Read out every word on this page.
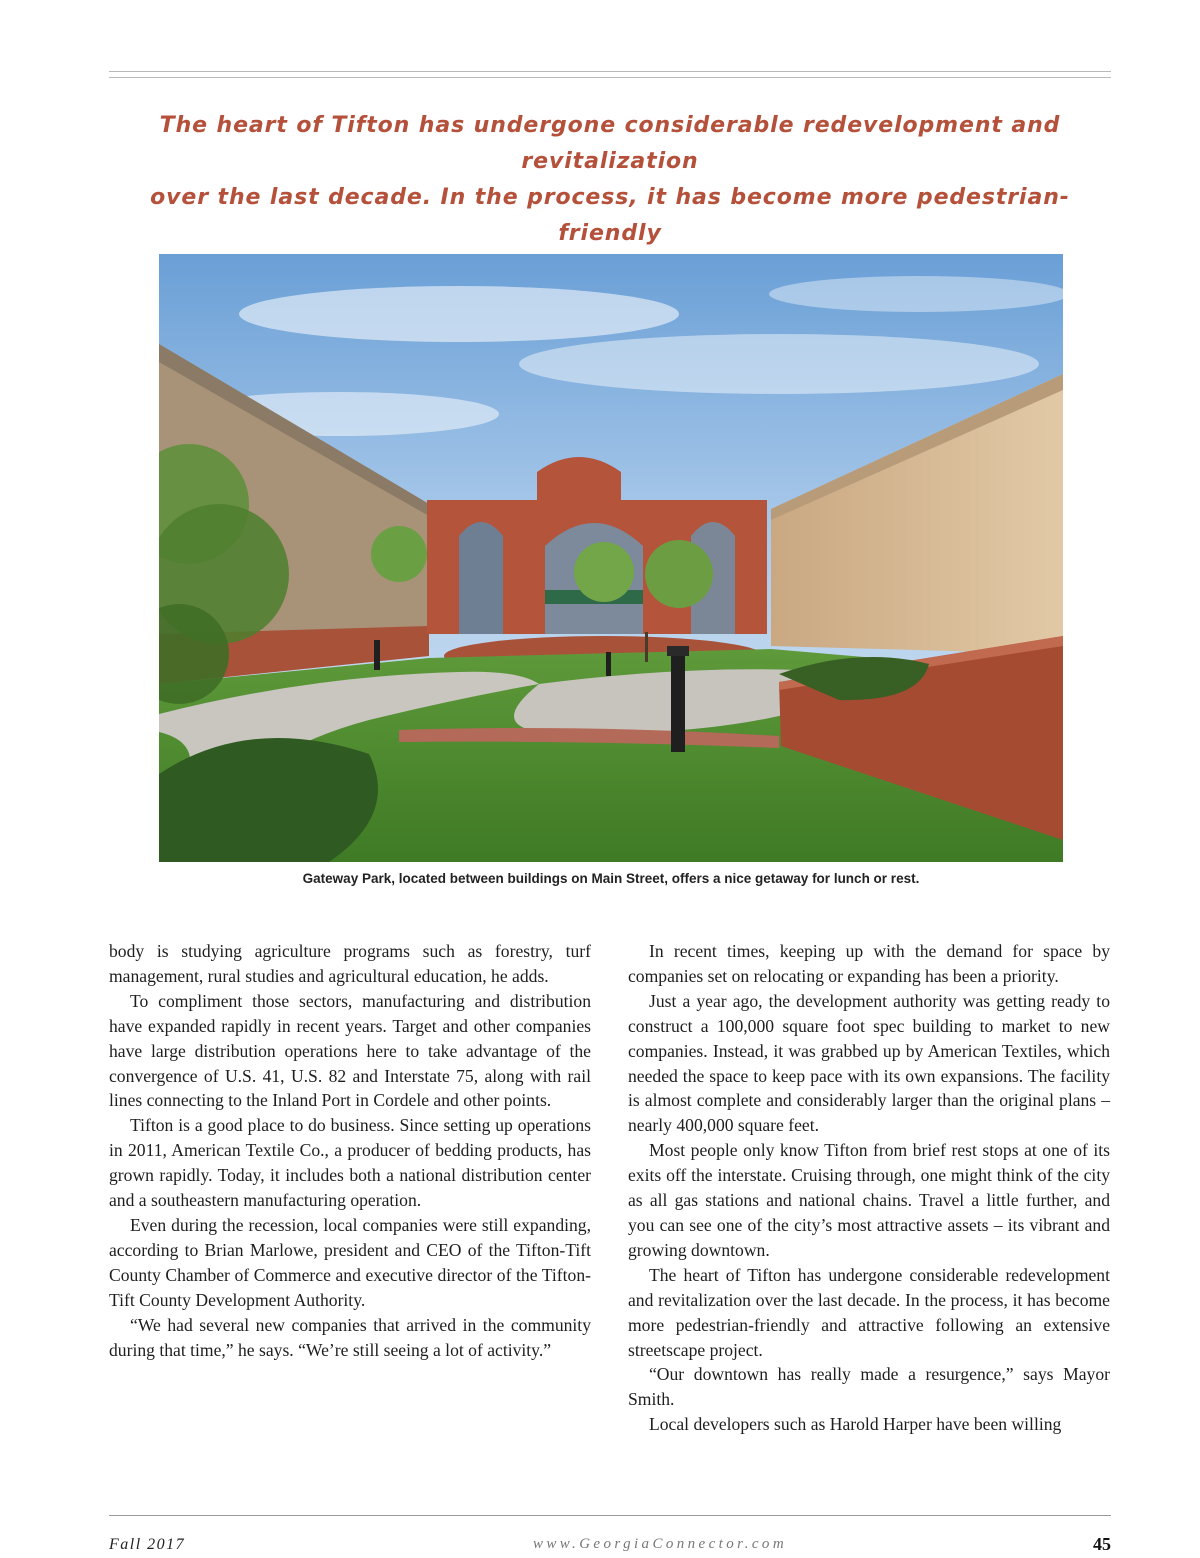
The heart of Tifton has undergone considerable redevelopment and revitalization
over the last decade. In the process, it has become more pedestrian-friendly
Gateway Park, located between buildings on Main Street, offers a nice getaway for lunch or rest.

body is studying agriculture programs such as forestry, turf management, rural studies and agricultural education, he adds.

To compliment those sectors, manufacturing and distribution have expanded rapidly in recent years. Target and other companies have large distribution operations here to take advantage of the convergence of U.S. 41, U.S. 82 and Interstate 75, along with rail lines connecting to the Inland Port in Cordele and other points.

Tifton is a good place to do business. Since setting up operations in 2011, American Textile Co., a producer of bedding products, has grown rapidly. Today, it includes both a national distribution center and a southeastern manufacturing operation.

Even during the recession, local companies were still expanding, according to Brian Marlowe, president and CEO of the Tifton-Tift County Chamber of Commerce and executive director of the Tifton-Tift County Development Authority.

“We had several new companies that arrived in the community during that time,” he says. “We’re still seeing a lot of activity.”

In recent times, keeping up with the demand for space by companies set on relocating or expanding has been a priority.

Just a year ago, the development authority was getting ready to construct a 100,000 square foot spec building to market to new companies. Instead, it was grabbed up by American Textiles, which needed the space to keep pace with its own expansions. The facility is almost complete and considerably larger than the original plans – nearly 400,000 square feet.

Most people only know Tifton from brief rest stops at one of its exits off the interstate. Cruising through, one might think of the city as all gas stations and national chains. Travel a little further, and you can see one of the city’s most attractive assets – its vibrant and growing downtown.

The heart of Tifton has undergone considerable redevelopment and revitalization over the last decade. In the process, it has become more pedestrian-friendly and attractive following an extensive streetscape project.

“Our downtown has really made a resurgence,” says Mayor Smith.

Local developers such as Harold Harper have been willing

Fall 2017	www.GeorgiaConnector.com	45
